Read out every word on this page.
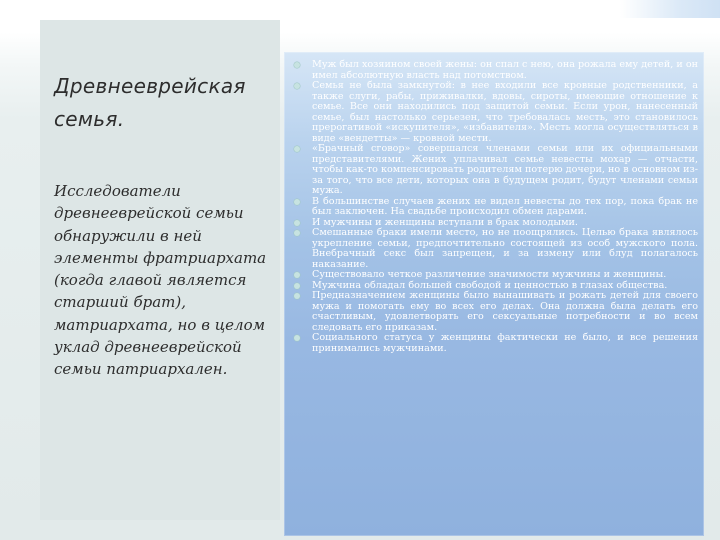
Древнееврейская семья.
Исследователи древнееврейской семьи обнаружили в ней элементы фратриархата (когда главой является старший брат), матриархата, но в целом уклад древнееврейской семьи патриархален.
Муж был хозяином своей жены: он спал с нею, она рожала ему детей, и он имел абсолютную власть над потомством.
Семья не была замкнутой: в нее входили все кровные родственники, а также слуги, рабы, приживалки, вдовы, сироты, имеющие отношение к семье. Все они находились под защитой семьи. Если урон, нанесенный семье, был настолько серьезен, что требовалась месть, это становилось прерогативой «искупителя», «избавителя». Месть могла осуществляться в виде «вендетты» — кровной мести.
«Брачный сговор» совершался членами семьи или их официальными представителями. Жених уплачивал семье невесты мохар — отчасти, чтобы как-то компенсировать родителям потерю дочери, но в основном из-за того, что все дети, которых она в будущем родит, будут членами семьи мужа.
В большинстве случаев жених не видел невесты до тех пор, пока брак не был заключен. На свадьбе происходил обмен дарами.
И мужчины и женщины вступали в брак молодыми.
Смешанные браки имели место, но не поощрялись. Целью брака являлось укрепление семьи, предпочтительно состоящей из особ мужского пола. Внебрачный секс был запрещен, и за измену или блуд полагалось наказание.
Существовало четкое различение значимости мужчины и женщины.
Мужчина обладал большей свободой и ценностью в глазах общества.
Предназначением женщины было вынашивать и рожать детей для своего мужа и помогать ему во всех его делах. Она должна была делать его счастливым, удовлетворять его сексуальные потребности и во всем следовать его приказам.
Социального статуса у женщины фактически не было, и все решения принимались мужчинами.
